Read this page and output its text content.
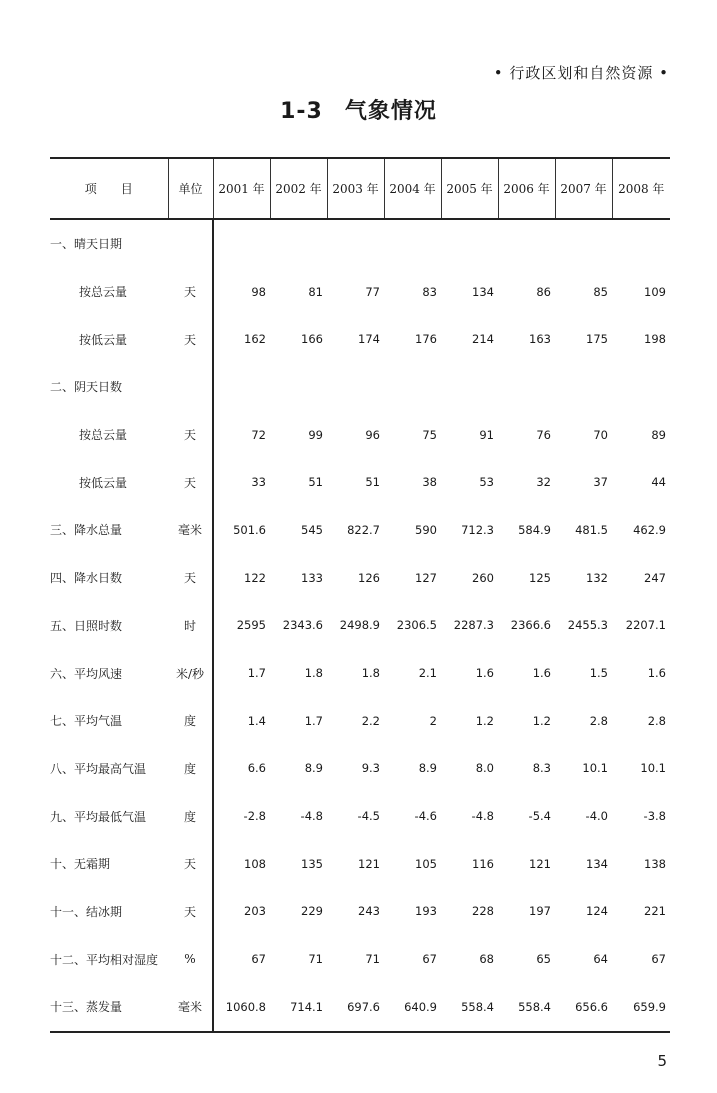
• 行政区划和自然资源 •
1-3 气象情况
项　　目	单位	2001 年	2002 年	2003 年	2004 年	2005 年	2006 年	2007 年	2008 年
一、晴天日期									
按总云量	天	98	81	77	83	134	86	85	109
按低云量	天	162	166	174	176	214	163	175	198
二、阴天日数									
按总云量	天	72	99	96	75	91	76	70	89
按低云量	天	33	51	51	38	53	32	37	44
三、降水总量	毫米	501.6	545	822.7	590	712.3	584.9	481.5	462.9
四、降水日数	天	122	133	126	127	260	125	132	247
五、日照时数	时	2595	2343.6	2498.9	2306.5	2287.3	2366.6	2455.3	2207.1
六、平均风速	米/秒	1.7	1.8	1.8	2.1	1.6	1.6	1.5	1.6
七、平均气温	度	1.4	1.7	2.2	2	1.2	1.2	2.8	2.8
八、平均最高气温	度	6.6	8.9	9.3	8.9	8.0	8.3	10.1	10.1
九、平均最低气温	度	-2.8	-4.8	-4.5	-4.6	-4.8	-5.4	-4.0	-3.8
十、无霜期	天	108	135	121	105	116	121	134	138
十一、结冰期	天	203	229	243	193	228	197	124	221
十二、平均相对湿度	%	67	71	71	67	68	65	64	67
十三、蒸发量	毫米	1060.8	714.1	697.6	640.9	558.4	558.4	656.6	659.9
5
